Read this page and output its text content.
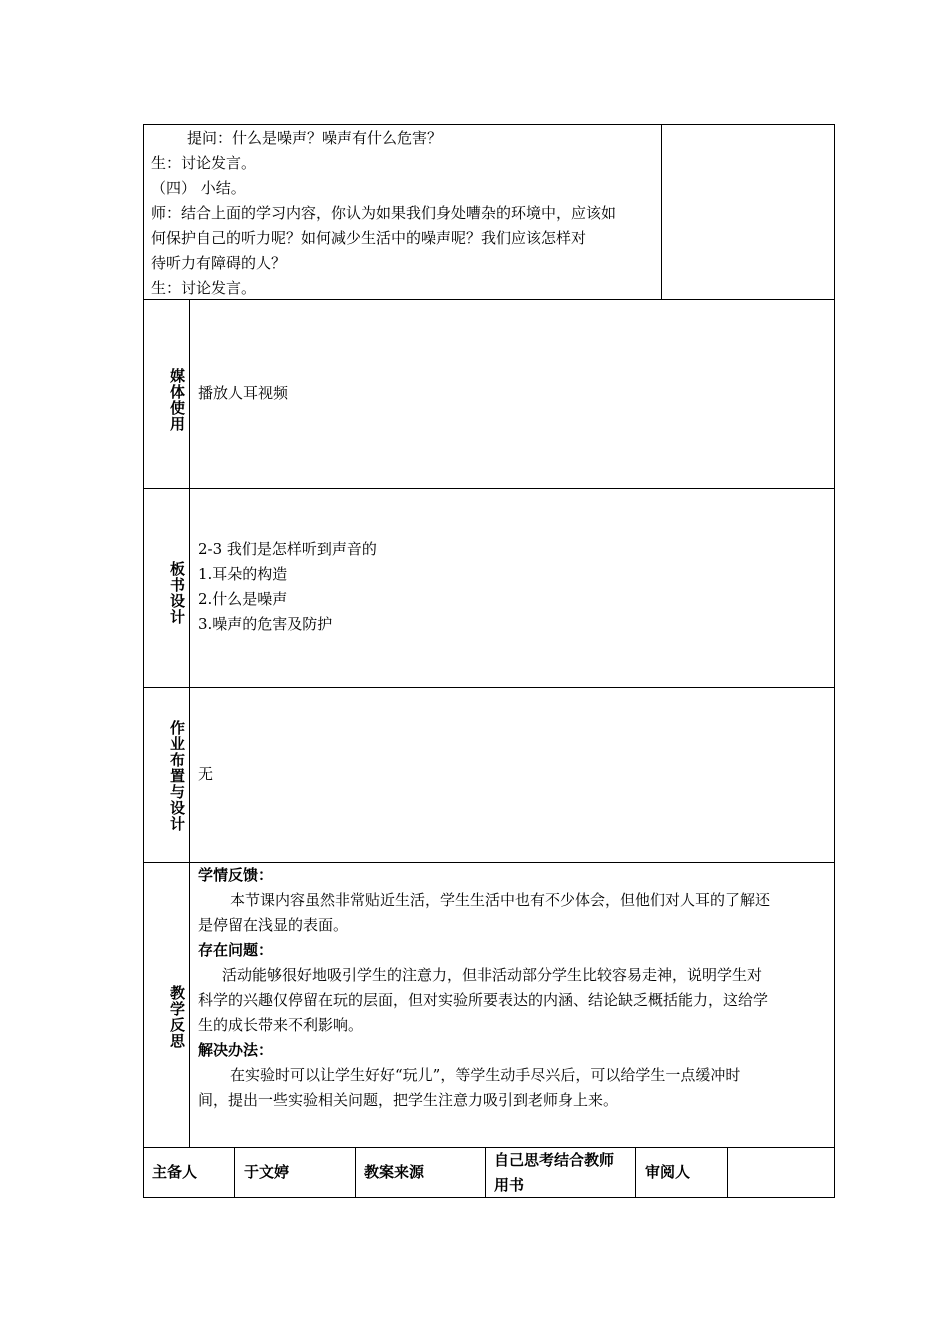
提问：什么是噪声？噪声有什么危害？
生：讨论发言。
（四） 小结。
师：结合上面的学习内容，你认为如果我们身处嘈杂的环境中，应该如
何保护自己的听力呢？如何减少生活中的噪声呢？我们应该怎样对
待听力有障碍的人？
生：讨论发言。
媒体使用 播放人耳视频
板书设计
2-3 我们是怎样听到声音的
1.耳朵的构造
2.什么是噪声
3.噪声的危害及防护
作业布置与设计 无
教学反思
学情反馈：
本节课内容虽然非常贴近生活，学生生活中也有不少体会，但他们对人耳的了解还
是停留在浅显的表面。
存在问题：
活动能够很好地吸引学生的注意力，但非活动部分学生比较容易走神，说明学生对
科学的兴趣仅停留在玩的层面，但对实验所要表达的内涵、结论缺乏概括能力，这给学
生的成长带来不利影响。
解决办法：
在实验时可以让学生好好“玩儿”，等学生动手尽兴后，可以给学生一点缓冲时
间，提出一些实验相关问题，把学生注意力吸引到老师身上来。
主备人	于文婷	教案来源
自己思考结合教师
用书
审阅人
